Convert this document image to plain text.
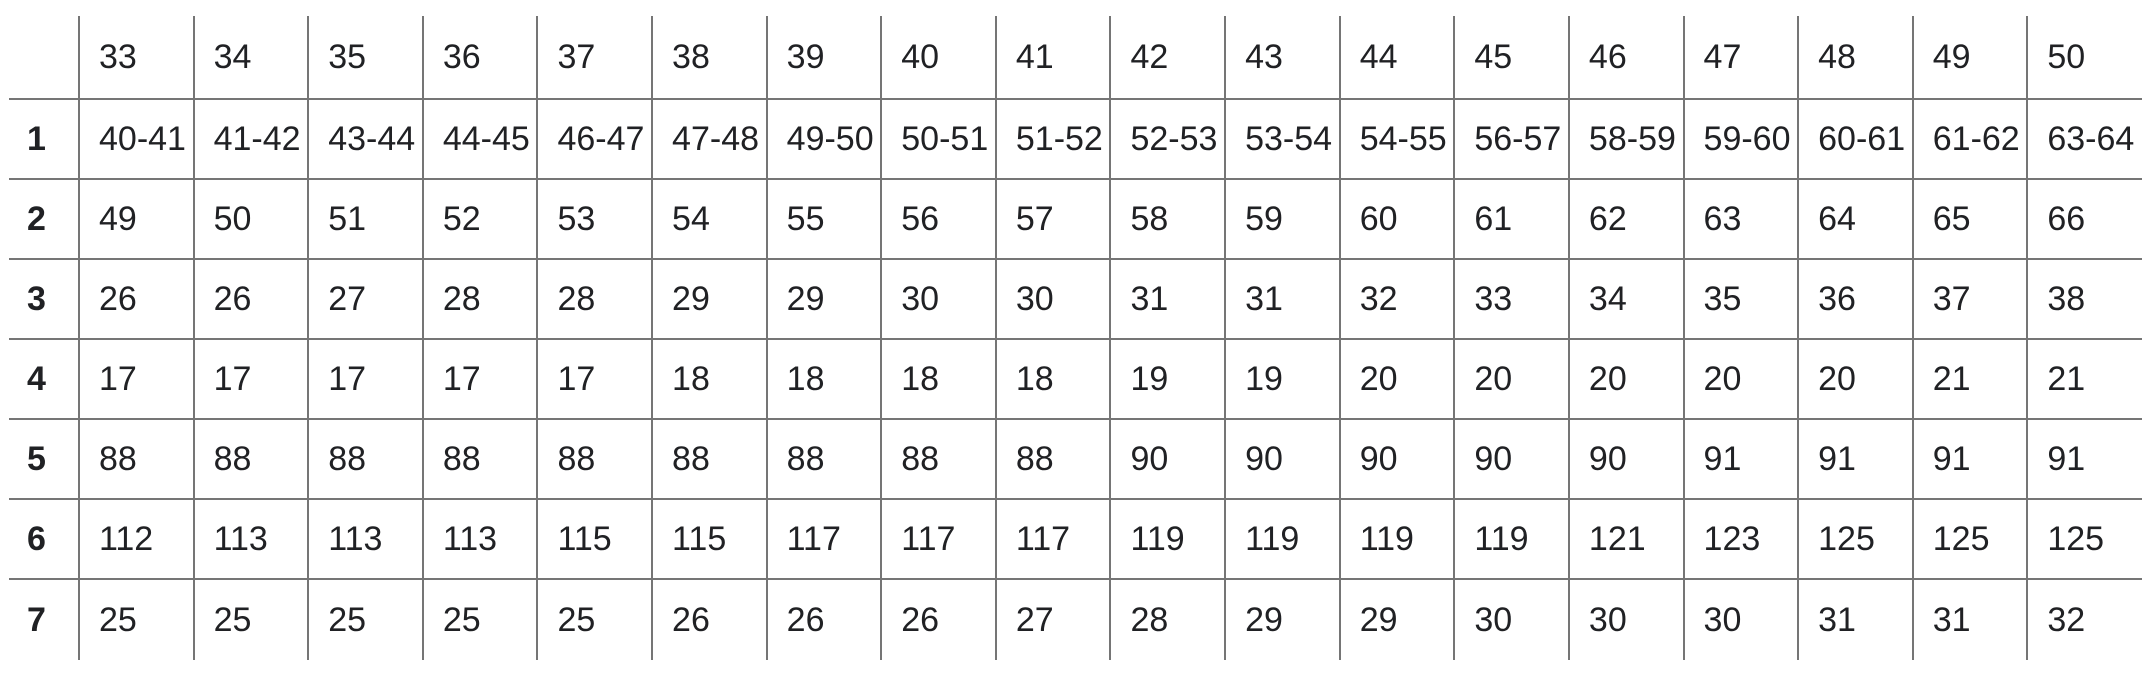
	33	34	35	36	37	38	39	40	41	42	43	44	45	46	47	48	49	50
1	40-41	41-42	43-44	44-45	46-47	47-48	49-50	50-51	51-52	52-53	53-54	54-55	56-57	58-59	59-60	60-61	61-62	63-64
2	49	50	51	52	53	54	55	56	57	58	59	60	61	62	63	64	65	66
3	26	26	27	28	28	29	29	30	30	31	31	32	33	34	35	36	37	38
4	17	17	17	17	17	18	18	18	18	19	19	20	20	20	20	20	21	21
5	88	88	88	88	88	88	88	88	88	90	90	90	90	90	91	91	91	91
6	112	113	113	113	115	115	117	117	117	119	119	119	119	121	123	125	125	125
7	25	25	25	25	25	26	26	26	27	28	29	29	30	30	30	31	31	32
